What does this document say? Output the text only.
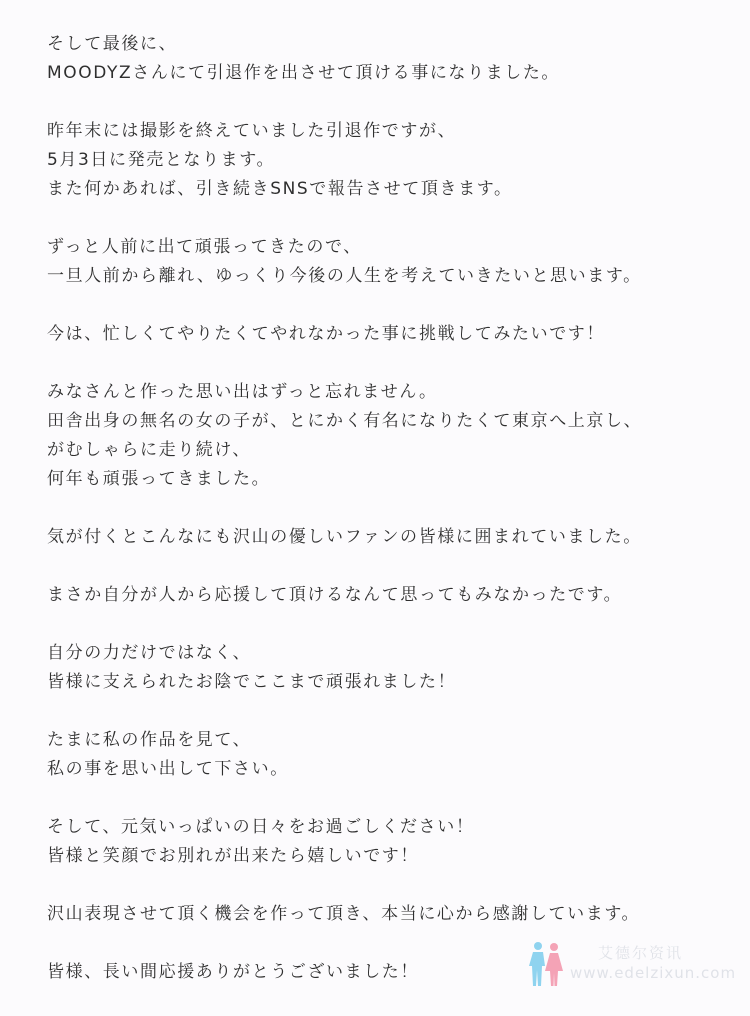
そして最後に、
MOODYZさんにて引退作を出させて頂ける事になりました。
昨年末には撮影を終えていました引退作ですが、
5月3日に発売となります。
また何かあれば、引き続きSNSで報告させて頂きます。
ずっと人前に出て頑張ってきたので、
一旦人前から離れ、ゆっくり今後の人生を考えていきたいと思います。
今は、忙しくてやりたくてやれなかった事に挑戦してみたいです！
みなさんと作った思い出はずっと忘れません。
田舎出身の無名の女の子が、とにかく有名になりたくて東京へ上京し、
がむしゃらに走り続け、
何年も頑張ってきました。
気が付くとこんなにも沢山の優しいファンの皆様に囲まれていました。
まさか自分が人から応援して頂けるなんて思ってもみなかったです。
自分の力だけではなく、
皆様に支えられたお陰でここまで頑張れました！
たまに私の作品を見て、
私の事を思い出して下さい。
そして、元気いっぱいの日々をお過ごしください！
皆様と笑顔でお別れが出来たら嬉しいです！
沢山表現させて頂く機会を作って頂き、本当に心から感謝しています。
皆様、長い間応援ありがとうございました！
艾德尔资讯
www.edelzixun.com
